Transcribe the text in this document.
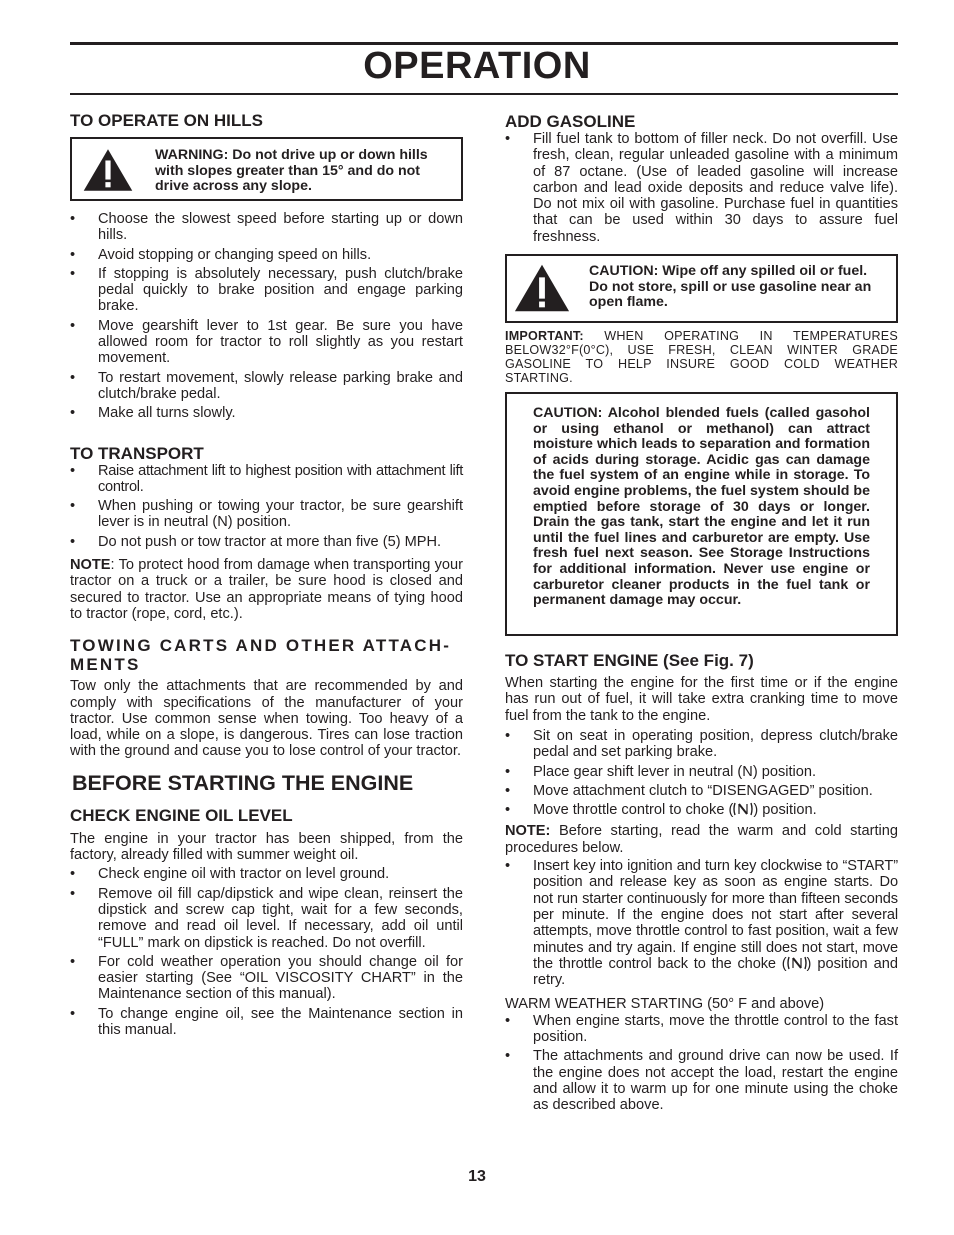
OPERATION
TO OPERATE ON HILLS
WARNING: Do not drive up or down hills with slopes greater than 15° and do not drive across any slope.
• Choose the slowest speed before starting up or down hills.
• Avoid stopping or changing speed on hills.
• If stopping is absolutely necessary, push clutch/brake pedal quickly to brake position and engage parking brake.
• Move gearshift lever to 1st gear. Be sure you have allowed room for tractor to roll slightly as you restart movement.
• To restart movement, slowly release parking brake and clutch/brake pedal.
• Make all turns slowly.
TO TRANSPORT
• Raise attachment lift to highest position with attachment lift control.
• When pushing or towing your tractor, be sure gearshift lever is in neutral (N) position.
• Do not push or tow tractor at more than five (5) MPH.

NOTE: To protect hood from damage when transporting your tractor on a truck or a trailer, be sure hood is closed and secured to tractor. Use an appropriate means of tying hood to tractor (rope, cord, etc.).

TOWING CARTS AND OTHER ATTACH-MENTS

Tow only the attachments that are recommended by and comply with specifications of the manufacturer of your tractor. Use common sense when towing. Too heavy of a load, while on a slope, is dangerous. Tires can lose traction with the ground and cause you to lose control of your tractor.

BEFORE STARTING THE ENGINE
CHECK ENGINE OIL LEVEL

The engine in your tractor has been shipped, from the factory, already filled with summer weight oil.

• Check engine oil with tractor on level ground.
• Remove oil fill cap/dipstick and wipe clean, reinsert the dipstick and screw cap tight, wait for a few seconds, remove and read oil level. If necessary, add oil until “FULL” mark on dipstick is reached. Do not overfill.
• For cold weather operation you should change oil for easier starting (See “OIL VISCOSITY CHART” in the Maintenance section of this manual).
• To change engine oil, see the Maintenance section in this manual.
ADD GASOLINE
• Fill fuel tank to bottom of filler neck. Do not overfill. Use fresh, clean, regular unleaded gasoline with a minimum of 87 octane. (Use of leaded gasoline will increase carbon and lead oxide deposits and reduce valve life). Do not mix oil with gasoline. Purchase fuel in quantities that can be used within 30 days to assure fuel freshness.
CAUTION: Wipe off any spilled oil or fuel. Do not store, spill or use gasoline near an open flame.

IMPORTANT: WHEN OPERATING IN TEMPERATURES BELOW32°F(0°C), USE FRESH, CLEAN WINTER GRADE GASOLINE TO HELP INSURE GOOD COLD WEATHER STARTING.

CAUTION: Alcohol blended fuels (called gasohol or using ethanol or methanol) can attract moisture which leads to separation and formation of acids during storage. Acidic gas can damage the fuel system of an engine while in storage. To avoid engine problems, the fuel system should be emptied before storage of 30 days or longer. Drain the gas tank, start the engine and let it run until the fuel lines and carburetor are empty. Use fresh fuel next season. See Storage Instructions for additional information. Never use engine or carburetor cleaner products in the fuel tank or permanent damage may occur.
TO START ENGINE (See Fig. 7)

When starting the engine for the first time or if the engine has run out of fuel, it will take extra cranking time to move fuel from the tank to the engine.

• Sit on seat in operating position, depress clutch/brake pedal and set parking brake.
• Place gear shift lever in neutral (N) position.
• Move attachment clutch to “DISENGAGED” position.
• Move throttle control to choke ( ) position.

NOTE: Before starting, read the warm and cold starting procedures below.

• Insert key into ignition and turn key clockwise to “START” position and release key as soon as engine starts. Do not run starter continuously for more than fifteen seconds per minute. If the engine does not start after several attempts, move throttle control to fast position, wait a few minutes and try again. If engine still does not start, move the throttle control back to the choke ( ) position and retry.

WARM WEATHER STARTING (50° F and above)

• When engine starts, move the throttle control to the fast position.
• The attachments and ground drive can now be used. If the engine does not accept the load, restart the engine and allow it to warm up for one minute using the choke as described above.
13
